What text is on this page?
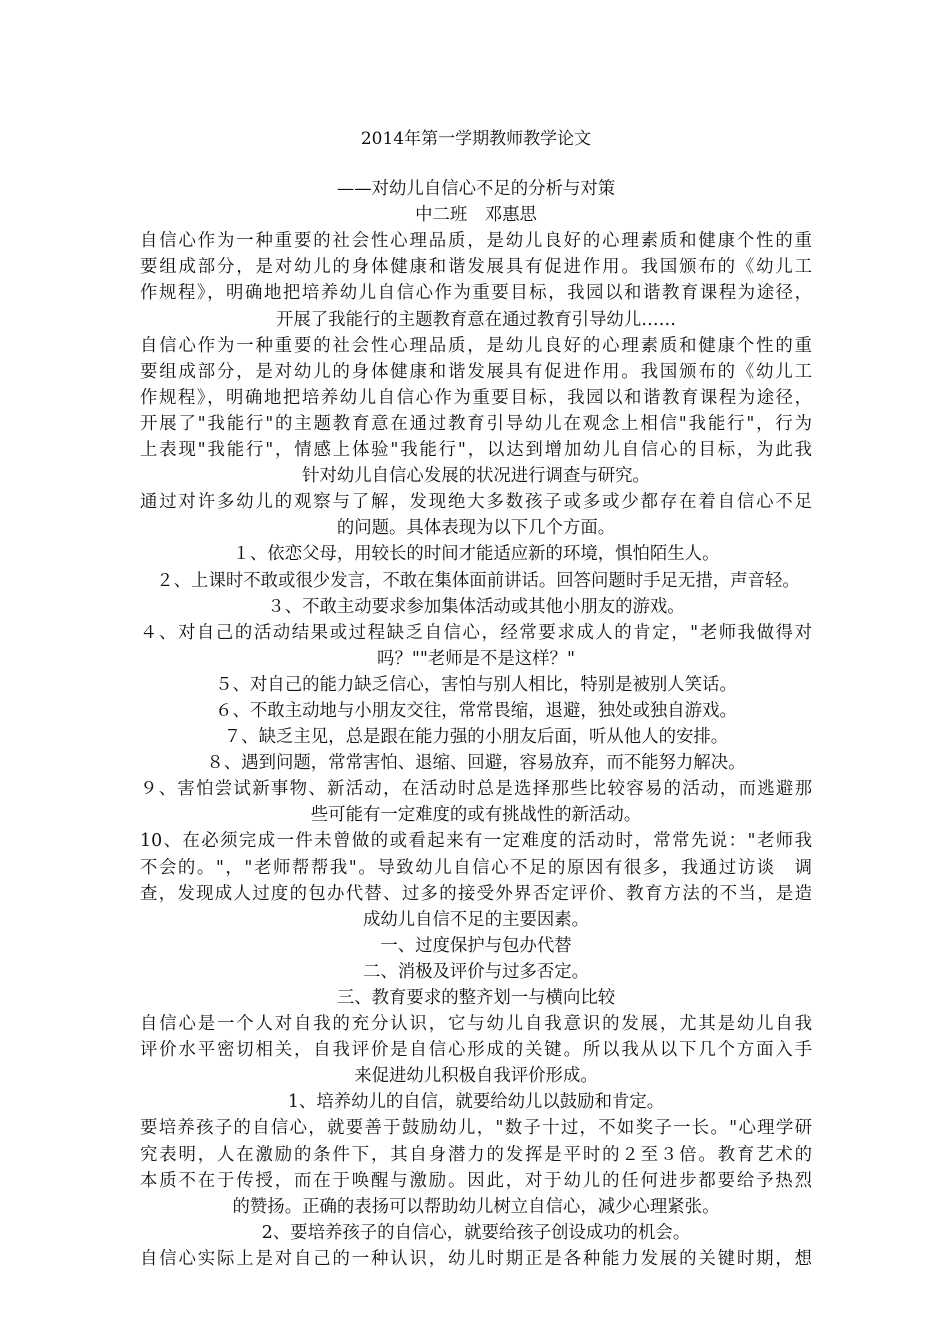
2014年第一学期教师教学论文
——对幼儿自信心不足的分析与对策
中二班　邓惠思
自信心作为一种重要的社会性心理品质，是幼儿良好的心理素质和健康个性的重
要组成部分，是对幼儿的身体健康和谐发展具有促进作用。我国颁布的《幼儿工
作规程》，明确地把培养幼儿自信心作为重要目标，我园以和谐教育课程为途径，
开展了我能行的主题教育意在通过教育引导幼儿……
自信心作为一种重要的社会性心理品质，是幼儿良好的心理素质和健康个性的重
要组成部分，是对幼儿的身体健康和谐发展具有促进作用。我国颁布的《幼儿工
作规程》，明确地把培养幼儿自信心作为重要目标，我园以和谐教育课程为途径，
开展了"我能行"的主题教育意在通过教育引导幼儿在观念上相信"我能行"，行为
上表现"我能行"，情感上体验"我能行"，以达到增加幼儿自信心的目标，为此我
针对幼儿自信心发展的状况进行调查与研究。
通过对许多幼儿的观察与了解，发现绝大多数孩子或多或少都存在着自信心不足
的问题。具体表现为以下几个方面。
１、依恋父母，用较长的时间才能适应新的环境，惧怕陌生人。
２、上课时不敢或很少发言，不敢在集体面前讲话。回答问题时手足无措，声音轻。
３、不敢主动要求参加集体活动或其他小朋友的游戏。
４、对自己的活动结果或过程缺乏自信心，经常要求成人的肯定，"老师我做得对
吗？""老师是不是这样？"
５、对自己的能力缺乏信心，害怕与别人相比，特别是被别人笑话。
６、不敢主动地与小朋友交往，常常畏缩，退避，独处或独自游戏。
７、缺乏主见，总是跟在能力强的小朋友后面，听从他人的安排。
８、遇到问题，常常害怕、退缩、回避，容易放弃，而不能努力解决。
９、害怕尝试新事物、新活动，在活动时总是选择那些比较容易的活动，而逃避那
些可能有一定难度的或有挑战性的新活动。
10、在必须完成一件未曾做的或看起来有一定难度的活动时，常常先说："老师我
不会的。"，"老师帮帮我"。导致幼儿自信心不足的原因有很多，我通过访谈　调
查，发现成人过度的包办代替、过多的接受外界否定评价、教育方法的不当，是造
成幼儿自信不足的主要因素。
一、过度保护与包办代替
二、消极及评价与过多否定。
三、教育要求的整齐划一与横向比较
自信心是一个人对自我的充分认识，它与幼儿自我意识的发展，尤其是幼儿自我
评价水平密切相关，自我评价是自信心形成的关键。所以我从以下几个方面入手
来促进幼儿积极自我评价形成。
1、培养幼儿的自信，就要给幼儿以鼓励和肯定。
要培养孩子的自信心，就要善于鼓励幼儿，"数子十过，不如奖子一长。"心理学研
究表明，人在激励的条件下，其自身潜力的发挥是平时的２至３倍。教育艺术的
本质不在于传授，而在于唤醒与激励。因此，对于幼儿的任何进步都要给予热烈
的赞扬。正确的表扬可以帮助幼儿树立自信心，减少心理紧张。
2、要培养孩子的自信心，就要给孩子创设成功的机会。
自信心实际上是对自己的一种认识，幼儿时期正是各种能力发展的关键时期，想
